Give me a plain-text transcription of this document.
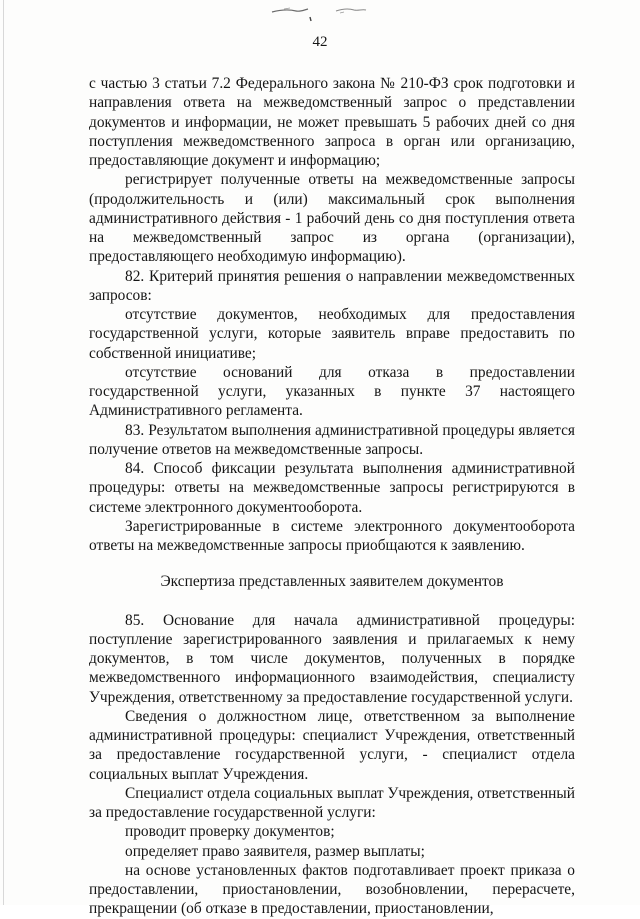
42

с частью 3 статьи 7.2 Федерального закона № 210-ФЗ срок подготовки и направления ответа на межведомственный запрос о представлении документов и информации, не может превышать 5 рабочих дней со дня поступления межведомственного запроса в орган или организацию, предоставляющие документ и информацию;

регистрирует полученные ответы на межведомственные запросы (продолжительность и (или) максимальный срок выполнения административного действия - 1 рабочий день со дня поступления ответа на межведомственный запрос из органа (организации), предоставляющего необходимую информацию).

82. Критерий принятия решения о направлении межведомственных запросов:

отсутствие документов, необходимых для предоставления государственной услуги, которые заявитель вправе предоставить по собственной инициативе;

отсутствие оснований для отказа в предоставлении государственной услуги, указанных в пункте 37 настоящего Административного регламента.

83. Результатом выполнения административной процедуры является получение ответов на межведомственные запросы.

84. Способ фиксации результата выполнения административной процедуры: ответы на межведомственные запросы регистрируются в системе электронного документооборота.

Зарегистрированные в системе электронного документооборота ответы на межведомственные запросы приобщаются к заявлению.

Экспертиза представленных заявителем документов

85. Основание для начала административной процедуры: поступление зарегистрированного заявления и прилагаемых к нему документов, в том числе документов, полученных в порядке межведомственного информационного взаимодействия, специалисту Учреждения, ответственному за предоставление государственной услуги.

Сведения о должностном лице, ответственном за выполнение административной процедуры: специалист Учреждения, ответственный за предоставление государственной услуги, - специалист отдела социальных выплат Учреждения.

Специалист отдела социальных выплат Учреждения, ответственный за предоставление государственной услуги:

проводит проверку документов;

определяет право заявителя, размер выплаты;

на основе установленных фактов подготавливает проект приказа о предоставлении, приостановлении, возобновлении, перерасчете, прекращении (об отказе в предоставлении, приостановлении,
